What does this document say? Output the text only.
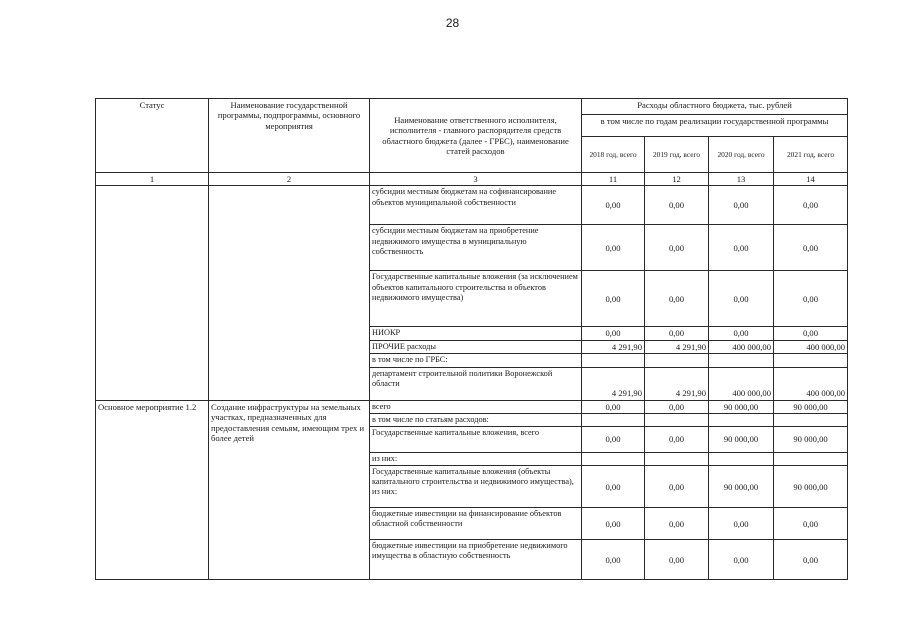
28
Статус	Наименование государственной программы, подпрограммы, основного мероприятия	Наименование ответственного исполнителя, исполнителя - главного распорядителя средств областного бюджета (далее - ГРБС), наименование статей расходов	Расходы областного бюджета, тыс. рублей			
			в том числе по годам реализации государственной программы			
			2018 год, всего	2019 год, всего	2020 год, всего	2021 год, всего
1	2	3	11	12	13	14
		субсидии местным бюджетам на софинансирование объектов муниципальной собственности	0,00	0,00	0,00	0,00
		субсидии местным бюджетам на приобретение недвижимого имущества в муниципальную собственность	0,00	0,00	0,00	0,00
		Государственные капитальные вложения (за исключением объектов капитального строительства и объектов недвижимого имущества)	0,00	0,00	0,00	0,00
		НИОКР	0,00	0,00	0,00	0,00
		ПРОЧИЕ расходы	4 291,90	4 291,90	400 000,00	400 000,00
		в том числе по ГРБС:				
		департамент строительной политики Воронежской области	4 291,90	4 291,90	400 000,00	400 000,00
Основное мероприятие 1.2	Создание инфраструктуры на земельных участках, предназначенных для предоставления семьям, имеющим трех и более детей	всего	0,00	0,00	90 000,00	90 000,00
		в том числе по статьям расходов:				
		Государственные капитальные вложения, всего	0,00	0,00	90 000,00	90 000,00
		из них:				
		Государственные капитальные вложения (объекты капитального строительства и недвижимого имущества), из них:	0,00	0,00	90 000,00	90 000,00
		бюджетные инвестиции на финансирование объектов областной собственности	0,00	0,00	0,00	0,00
		бюджетные инвестиции на приобретение недвижимого имущества в областную собственность	0,00	0,00	0,00	0,00
